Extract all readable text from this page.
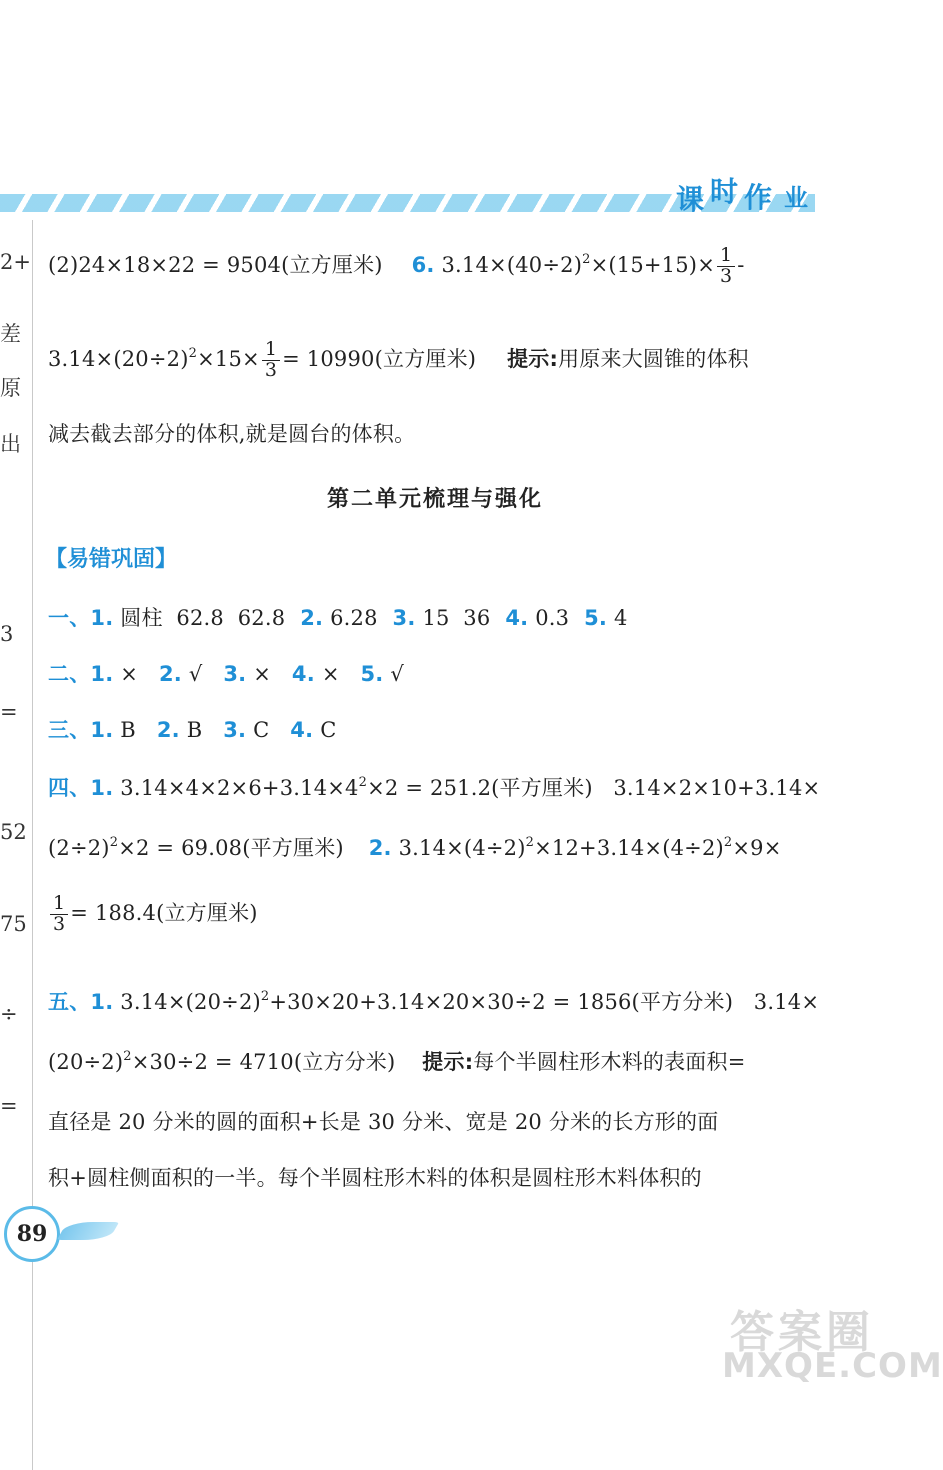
课 时 作 业
2+
差
原
出
3
=
52
75
÷
=
(2)24×18×22 = 9504(立方厘米) 6. $3.14\times(40\div 2)^2\times(15+15)\times \frac{1}{3}$ -
$3.14\times(20\div 2)^2\times 15\times \frac{1}{3} = 10990$(立方厘米) 提示:用原来大圆锥的体积
减去截去部分的体积,就是圆台的体积。
第二单元梳理与强化
【易错巩固】
一、1. 圆柱  62.8  62.8 2. 6.28 3. 15  36 4. 0.3 5. 4
二、1. × 2. √ 3. × 4. × 5. √
三、1. B 2. B 3. C 4. C
四、1. $3.14\times 4\times 2\times 6+3.14\times 4^2\times 2 = 251.2$(平方厘米)   3.14×2×10+3.14×
$(2\div 2)^2\times 2 = 69.08$(平方厘米) 2. $3.14\times(4\div 2)^2\times 12+3.14\times(4\div 2)^2\times 9\times$
$\frac{1}{3} = 188.4$(立方厘米)
五、1. $3.14\times(20\div 2)^2+30\times 20+3.14\times 20\times 30\div 2 = 1856$(平方分米)   3.14×
$(20\div 2)^2\times 30\div 2 = 4710$(立方分米) 提示:每个半圆柱形木料的表面积=
直径是 20 分米的圆的面积+长是 30 分米、宽是 20 分米的长方形的面
积+圆柱侧面积的一半。每个半圆柱形木料的体积是圆柱形木料体积的
89
答案圈
MXQE.COM
